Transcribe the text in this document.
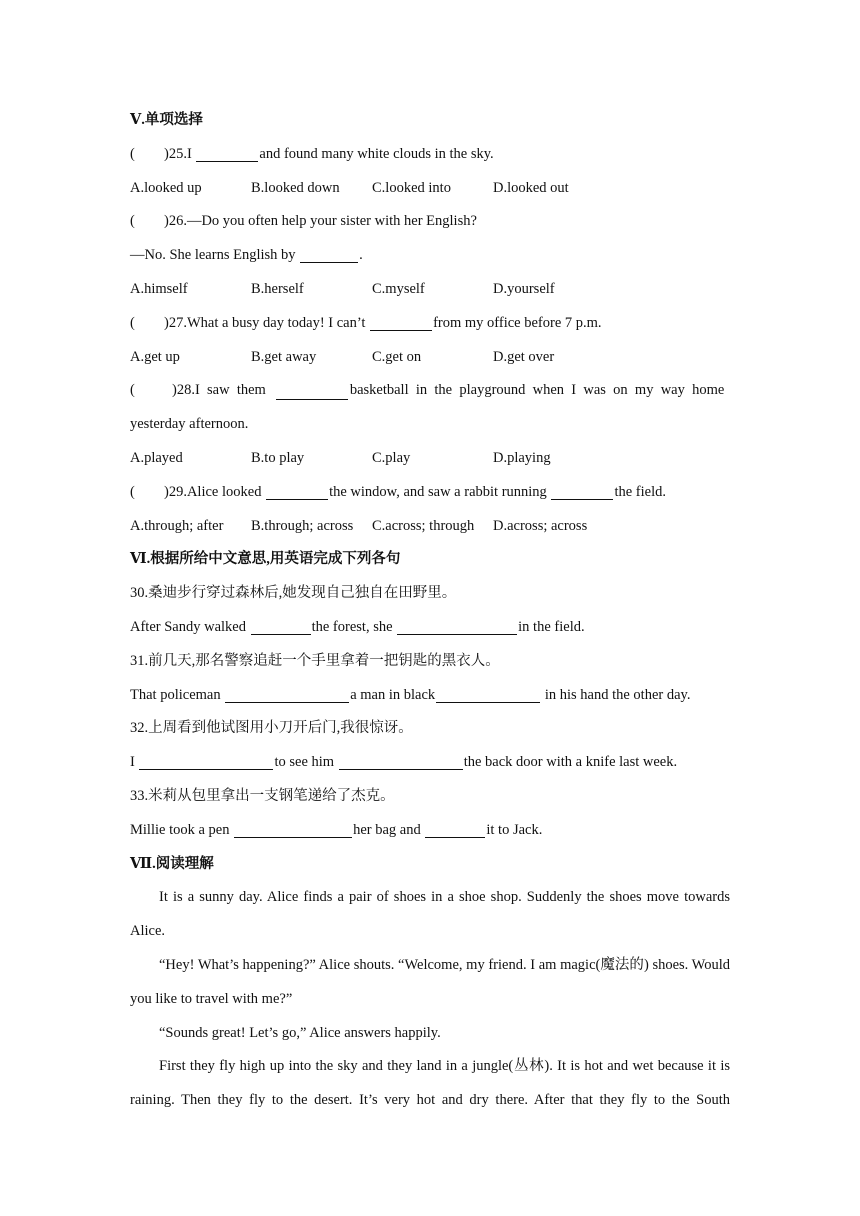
Ⅴ.单项选择
( )25.I	and found many white clouds in the sky.
A.looked up	B.looked down	C.looked into	D.looked out
( )26.—Do you often help your sister with her English?
—No. She learns English by	.
A.himself	B.herself	C.myself	D.yourself
( )27.What a busy day today! I can’t	from my office before 7 p.m.
A.get up	B.get away	C.get on	D.get over
(	)28.I  saw  them	basketball  in  the  playground  when  I  was  on  my  way  home
yesterday afternoon.
A.played	B.to play	C.play	D.playing
( )29.Alice looked	the window, and saw a rabbit running	the field.
A.through; after	B.through; across	C.across; through	D.across; across
Ⅵ.根据所给中文意思,用英语完成下列各句
30.桑迪步行穿过森林后,她发现自己独自在田野里。
After Sandy walked	the forest, she	in the field.
31.前几天,那名警察追赶一个手里拿着一把钥匙的黑衣人。
That policeman	a man in black	in his hand the other day.
32.上周看到他试图用小刀开后门,我很惊讶。
I	to see him	the back door with a knife last week.
33.米莉从包里拿出一支钢笔递给了杰克。
Millie took a pen	her bag and	it to Jack.
Ⅶ.阅读理解
It is a sunny day. Alice finds a pair of shoes in a shoe shop. Suddenly the shoes move towards Alice.
“Hey! What’s happening?” Alice shouts. “Welcome, my friend. I am magic(魔法的) shoes. Would you like to travel with me?”
“Sounds great! Let’s go,” Alice answers happily.
First they fly high up into the sky and they land in a jungle(丛林). It is hot and wet because it is raining. Then they fly to the desert. It’s very hot and dry there. After that they fly to the South
